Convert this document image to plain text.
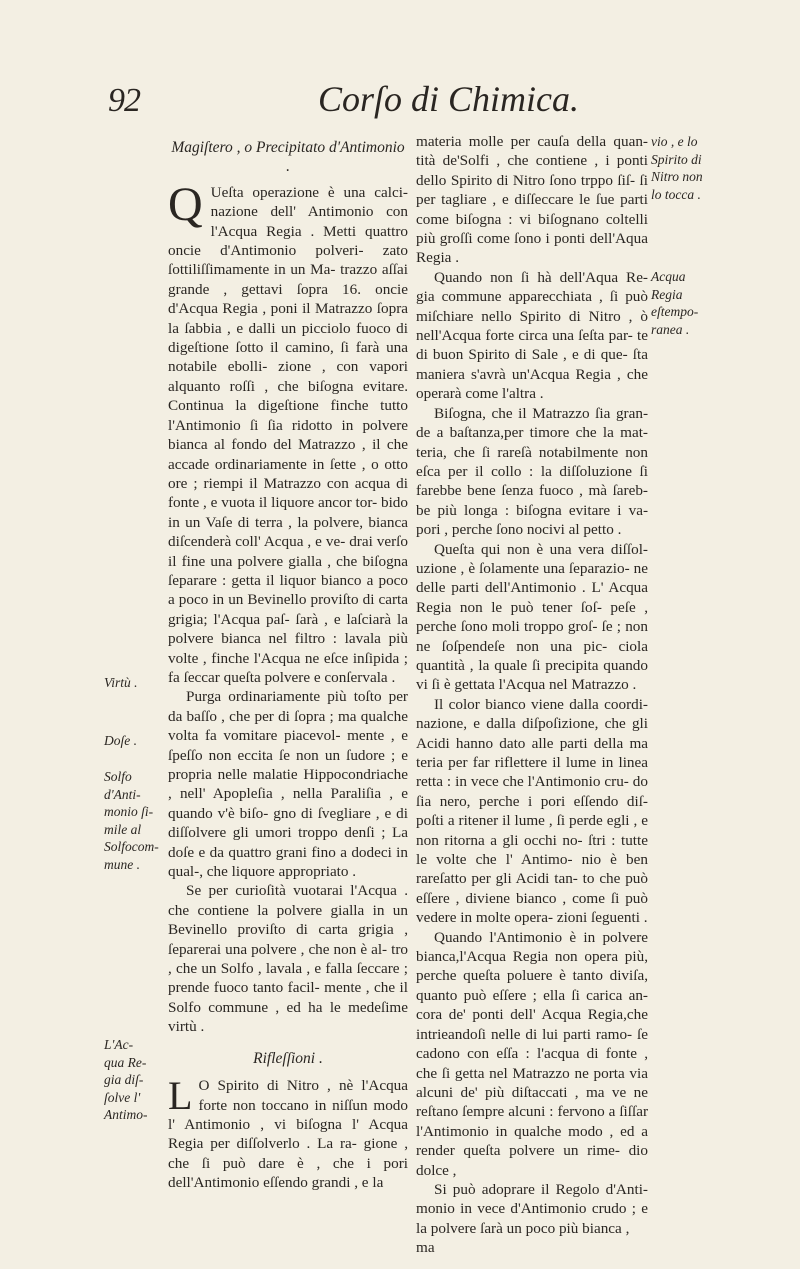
92	Corſo di Chimica.

Magiſtero , o Precipitato d'Antimonio .

Q Ueſta operazione è una calci- nazione dell' Antimonio con l'Acqua Regia . Metti quattro oncie d'Antimonio polveri- zato ſottiliſſimamente in un Ma- trazzo aſſai grande , gettavi ſopra 16. oncie d'Acqua Regia , poni il Matrazzo ſopra la ſabbia , e dalli un picciolo fuoco di digeſtione ſotto il camino, ſi farà una notabile ebolli- zione , con vapori alquanto roſſi , che biſogna evitare. Continua la digeſtione finche tutto l'Antimonio ſi ſia ridotto in polvere bianca al fondo del Matrazzo , il che accade ordinariamente in ſette , o otto ore ; riempi il Matrazzo con acqua di fonte , e vuota il liquore ancor tor- bido in un Vaſe di terra , la polvere, bianca diſcenderà coll' Acqua , e ve- drai verſo il fine una polvere gialla , che biſogna ſeparare : getta il liquor bianco a poco a poco in un Bevinello proviſto di carta grigia; l'Acqua paſ- ſarà , e laſciarà la polvere bianca nel filtro : lavala più volte , finche l'Acqua ne eſce inſipida ; fa ſeccar queſta polvere e conſervala .

Purga ordinariamente più toſto per da baſſo , che per di ſopra ; ma qualche volta fa vomitare piacevol- mente , e ſpeſſo non eccita ſe non un ſudore ; e propria nelle malatie Hippocondriache , nell' Apopleſia , nella Paraliſia , e quando v'è biſo- gno di ſvegliare , e di diſſolvere gli umori troppo denſi ; La doſe e da quattro grani fino a dodeci in qual-, che liquore appropriato .

Se per curioſità vuotarai l'Acqua . che contiene la polvere gialla in un Bevinello proviſto di carta grigia , ſeparerai una polvere , che non è al- tro , che un Solfo , lavala , e falla ſeccare ; prende fuoco tanto facil- mente , che il Solfo commune , ed ha le medeſime virtù .

Rifleſſioni .

L O Spirito di Nitro , nè l'Acqua forte non toccano in niſſun modo l' Antimonio , vi biſogna l' Acqua Regia per diſſolverlo . La ra- gione , che ſi può dare è , che i pori dell'Antimonio eſſendo grandi , e la

materia molle per cauſa della quan- tità de'Solfi , che contiene , i ponti dello Spirito di Nitro ſono trppo ſiſ- ſi per tagliare , e diſſeccare le ſue parti come biſogna : vi biſognano coltelli più groſſi come ſono i ponti dell'Aqua Regia .

Quando non ſi hà dell'Aqua Re- gia commune apparecchiata , ſi può miſchiare nello Spirito di Nitro , ò nell'Acqua forte circa una ſeſta par- te di buon Spirito di Sale , e di que- ſta maniera s'avrà un'Acqua Regia , che operarà come l'altra .

Biſogna, che il Matrazzo ſia gran- de a baſtanza,per timore che la mat- teria, che ſi rareſà notabilmente non eſca per il collo : la diſſoluzione ſi farebbe bene ſenza fuoco , mà ſareb- be più longa : biſogna evitare i va- pori , perche ſono nocivi al petto .

Queſta qui non è una vera diſſol- uzione , è ſolamente una ſeparazio- ne delle parti dell'Antimonio . L' Acqua Regia non le può tener ſoſ- peſe , perche ſono moli troppo groſ- ſe ; non ne ſoſpendeſe non una pic- ciola quantità , la quale ſi precipita quando vi ſi è gettata l'Acqua nel Matrazzo .

Il color bianco viene dalla coordi- nazione, e dalla diſpoſizione, che gli Acidi hanno dato alle parti della ma teria per far riflettere il lume in linea retta : in vece che l'Antimonio cru- do ſia nero, perche i pori eſſendo diſ- poſti a ritener il lume , ſi perde egli , e non ritorna a gli occhi no- ſtri : tutte le volte che l' Antimo- nio è ben rareſatto per gli Acidi tan- to che può eſſere , diviene bianco , come ſi può vedere in molte opera- zioni ſeguenti .

Quando l'Antimonio è in polvere bianca,l'Acqua Regia non opera più, perche queſta poluere è tanto diviſa, quanto può eſſere ; ella ſi carica an- cora de' ponti dell' Acqua Regia,che intrieandoſi nelle di lui parti ramo- ſe cadono con eſſa : l'acqua di fonte , che ſi getta nel Matrazzo ne porta via alcuni de' più diſtaccati , ma ve ne reſtano ſempre alcuni : fervono a ſiſſar l'Antimonio in qualche modo , ed a render queſta polvere un rime- dio dolce ,

Si può adoprare il Regolo d'Anti- monio in vece d'Antimonio crudo ; e la polvere ſarà un poco più bianca ,

ma

Virtù .
Doſe .
Solfo
d'Anti-
monio ſi-
mile al
Solfocom-
mune .
L'Ac-
qua Re-
gia diſ-
ſolve l'
Antimo-
vio , e lo
Spirito di
Nitro non
lo tocca .
Acqua
Regia
eſtempo-
ranea .
